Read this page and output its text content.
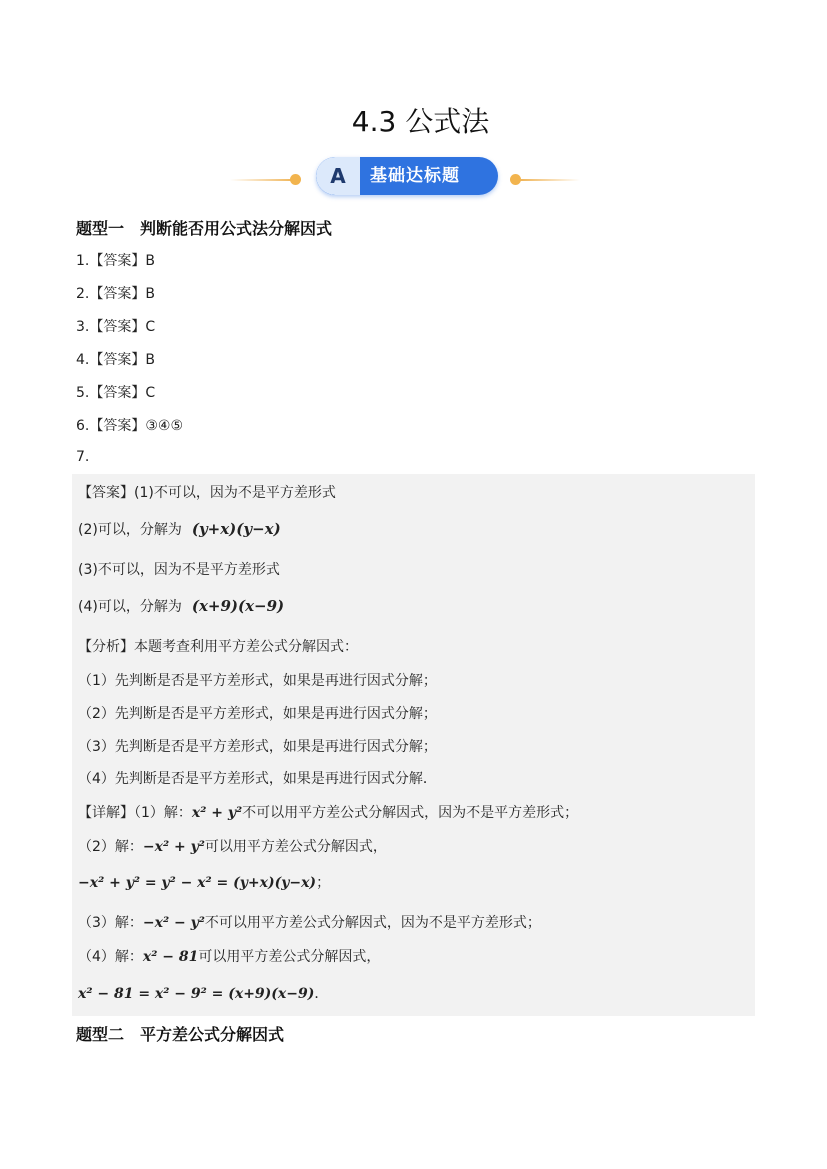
4.3 公式法
A	基础达标题
题型一　判断能否用公式法分解因式
1.【答案】B
2.【答案】B
3.【答案】C
4.【答案】B
5.【答案】C
6.【答案】③④⑤
7.
【答案】(1)不可以，因为不是平方差形式
(2)可以，分解为 (y+x)(y−x)
(3)不可以，因为不是平方差形式
(4)可以，分解为 (x+9)(x−9)
【分析】本题考查利用平方差公式分解因式：
（1）先判断是否是平方差形式，如果是再进行因式分解；
（2）先判断是否是平方差形式，如果是再进行因式分解；
（3）先判断是否是平方差形式，如果是再进行因式分解；
（4）先判断是否是平方差形式，如果是再进行因式分解．
【详解】（1）解：x² + y²不可以用平方差公式分解因式，因为不是平方差形式；
（2）解：−x² + y²可以用平方差公式分解因式，
−x² + y² = y² − x² = (y+x)(y−x)；
（3）解：−x² − y²不可以用平方差公式分解因式，因为不是平方差形式；
（4）解：x² − 81可以用平方差公式分解因式，
x² − 81 = x² − 9² = (x+9)(x−9)．
题型二　平方差公式分解因式
